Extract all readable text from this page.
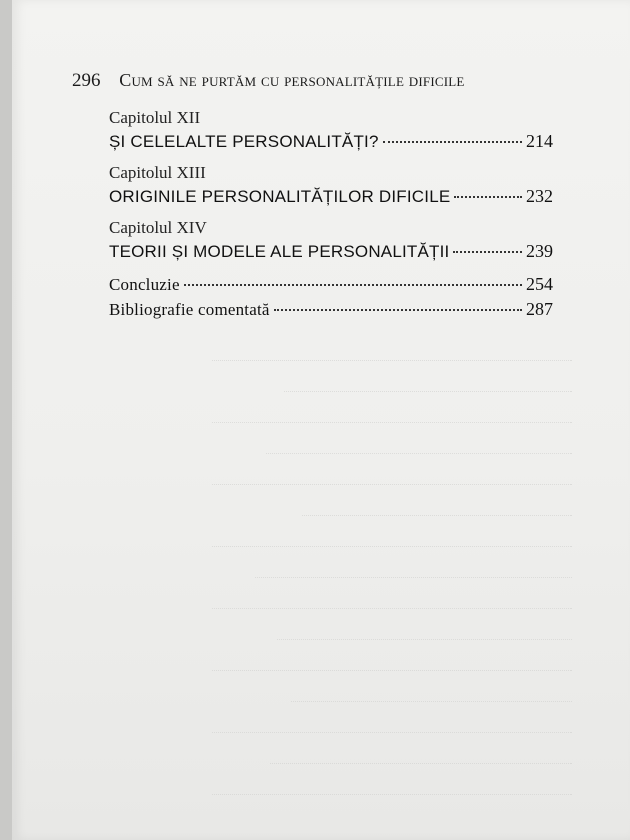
296 Cum să ne purtăm cu personalitățile dificile
Capitolul XII
ȘI CELELALTE PERSONALITĂȚI?	214
Capitolul XIII
ORIGINILE PERSONALITĂȚILOR DIFICILE	232
Capitolul XIV
TEORII ȘI MODELE ALE PERSONALITĂȚII	239
Concluzie	254
Bibliografie comentată	287
